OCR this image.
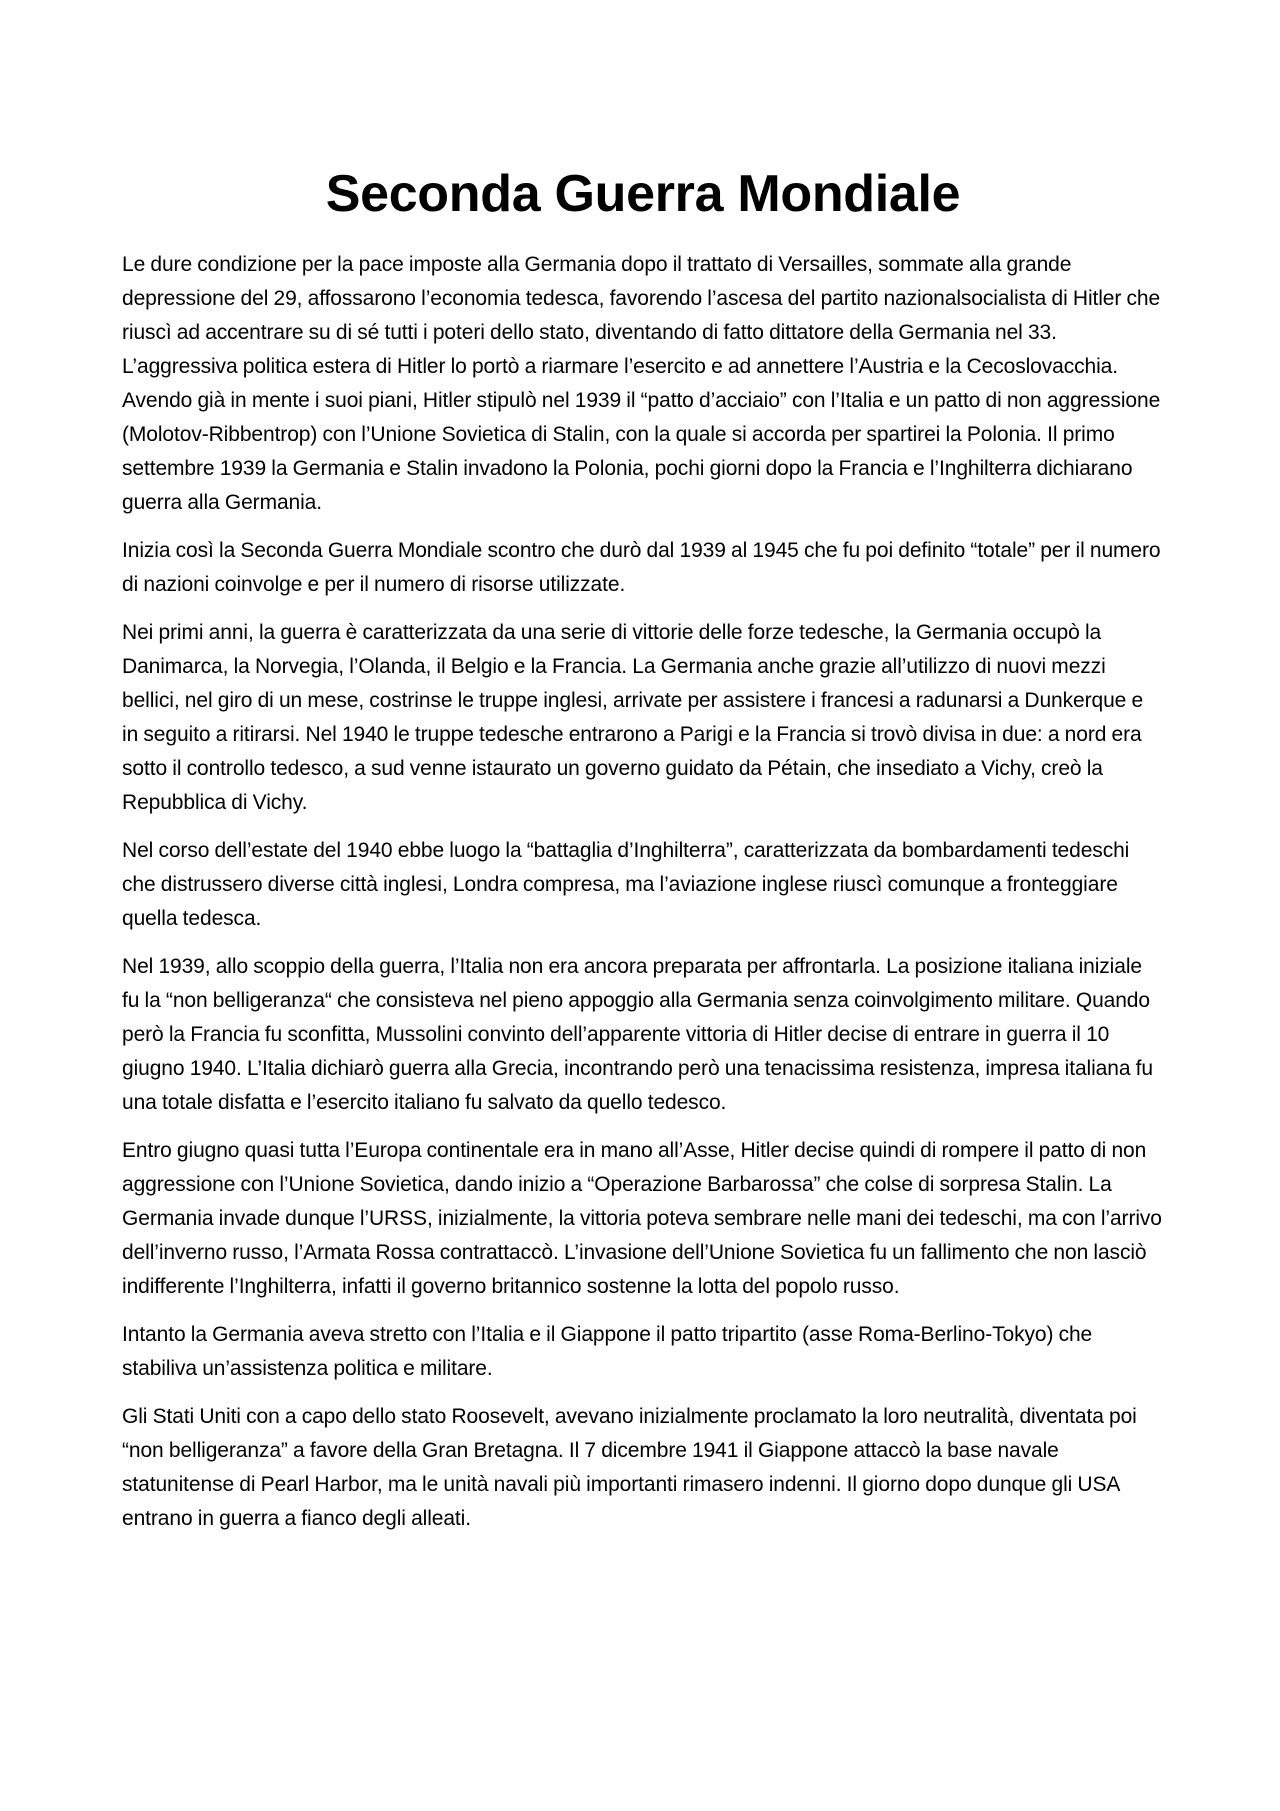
Seconda Guerra Mondiale

Le dure condizione per la pace imposte alla Germania dopo il trattato di Versailles, sommate alla grande depressione del 29, affossarono l’economia tedesca, favorendo l’ascesa del partito nazionalsocialista di Hitler che riuscì ad accentrare su di sé tutti i poteri dello stato, diventando di fatto dittatore della Germania nel 33. L’aggressiva politica estera di Hitler lo portò a riarmare l’esercito e ad annettere l’Austria e la Cecoslovacchia. Avendo già in mente i suoi piani, Hitler stipulò nel 1939 il “patto d’acciaio” con l’Italia e un patto di non aggressione (Molotov-Ribbentrop) con l’Unione Sovietica di Stalin, con la quale si accorda per spartirei la Polonia. Il primo settembre 1939 la Germania e Stalin invadono la Polonia, pochi giorni dopo la Francia e l’Inghilterra dichiarano guerra alla Germania.

Inizia così la Seconda Guerra Mondiale scontro che durò dal 1939 al 1945 che fu poi definito “totale” per il numero di nazioni coinvolge e per il numero di risorse utilizzate.

Nei primi anni, la guerra è caratterizzata da una serie di vittorie delle forze tedesche, la Germania occupò la Danimarca, la Norvegia, l’Olanda, il Belgio e la Francia. La Germania anche grazie all’utilizzo di nuovi mezzi bellici, nel giro di un mese, costrinse le truppe inglesi, arrivate per assistere i francesi a radunarsi a Dunkerque e in seguito a ritirarsi. Nel 1940 le truppe tedesche entrarono a Parigi e la Francia si trovò divisa in due: a nord era sotto il controllo tedesco, a sud venne istaurato un governo guidato da Pétain, che insediato a Vichy, creò la Repubblica di Vichy.

Nel corso dell’estate del 1940 ebbe luogo la “battaglia d’Inghilterra”, caratterizzata da bombardamenti tedeschi che distrussero diverse città inglesi, Londra compresa, ma l’aviazione inglese riuscì comunque a fronteggiare quella tedesca.

Nel 1939, allo scoppio della guerra, l’Italia non era ancora preparata per affrontarla. La posizione italiana iniziale fu la “non belligeranza“ che consisteva nel pieno appoggio alla Germania senza coinvolgimento militare. Quando però la Francia fu sconfitta, Mussolini convinto dell’apparente vittoria di Hitler decise di entrare in guerra il 10 giugno 1940. L’Italia dichiarò guerra alla Grecia, incontrando però una tenacissima resistenza, impresa italiana fu una totale disfatta e l’esercito italiano fu salvato da quello tedesco.

Entro giugno quasi tutta l’Europa continentale era in mano all’Asse, Hitler decise quindi di rompere il patto di non aggressione con l’Unione Sovietica, dando inizio a “Operazione Barbarossa” che colse di sorpresa Stalin. La Germania invade dunque l’URSS, inizialmente, la vittoria poteva sembrare nelle mani dei tedeschi, ma con l’arrivo dell’inverno russo, l’Armata Rossa contrattaccò. L’invasione dell’Unione Sovietica fu un fallimento che non lasciò indifferente l’Inghilterra, infatti il governo britannico sostenne la lotta del popolo russo.

Intanto la Germania aveva stretto con l’Italia e il Giappone il patto tripartito (asse Roma-Berlino-Tokyo) che stabiliva un’assistenza politica e militare.

Gli Stati Uniti con a capo dello stato Roosevelt, avevano inizialmente proclamato la loro neutralità, diventata poi “non belligeranza” a favore della Gran Bretagna. Il 7 dicembre 1941 il Giappone attaccò la base navale statunitense di Pearl Harbor, ma le unità navali più importanti rimasero indenni. Il giorno dopo dunque gli USA entrano in guerra a fianco degli alleati.
